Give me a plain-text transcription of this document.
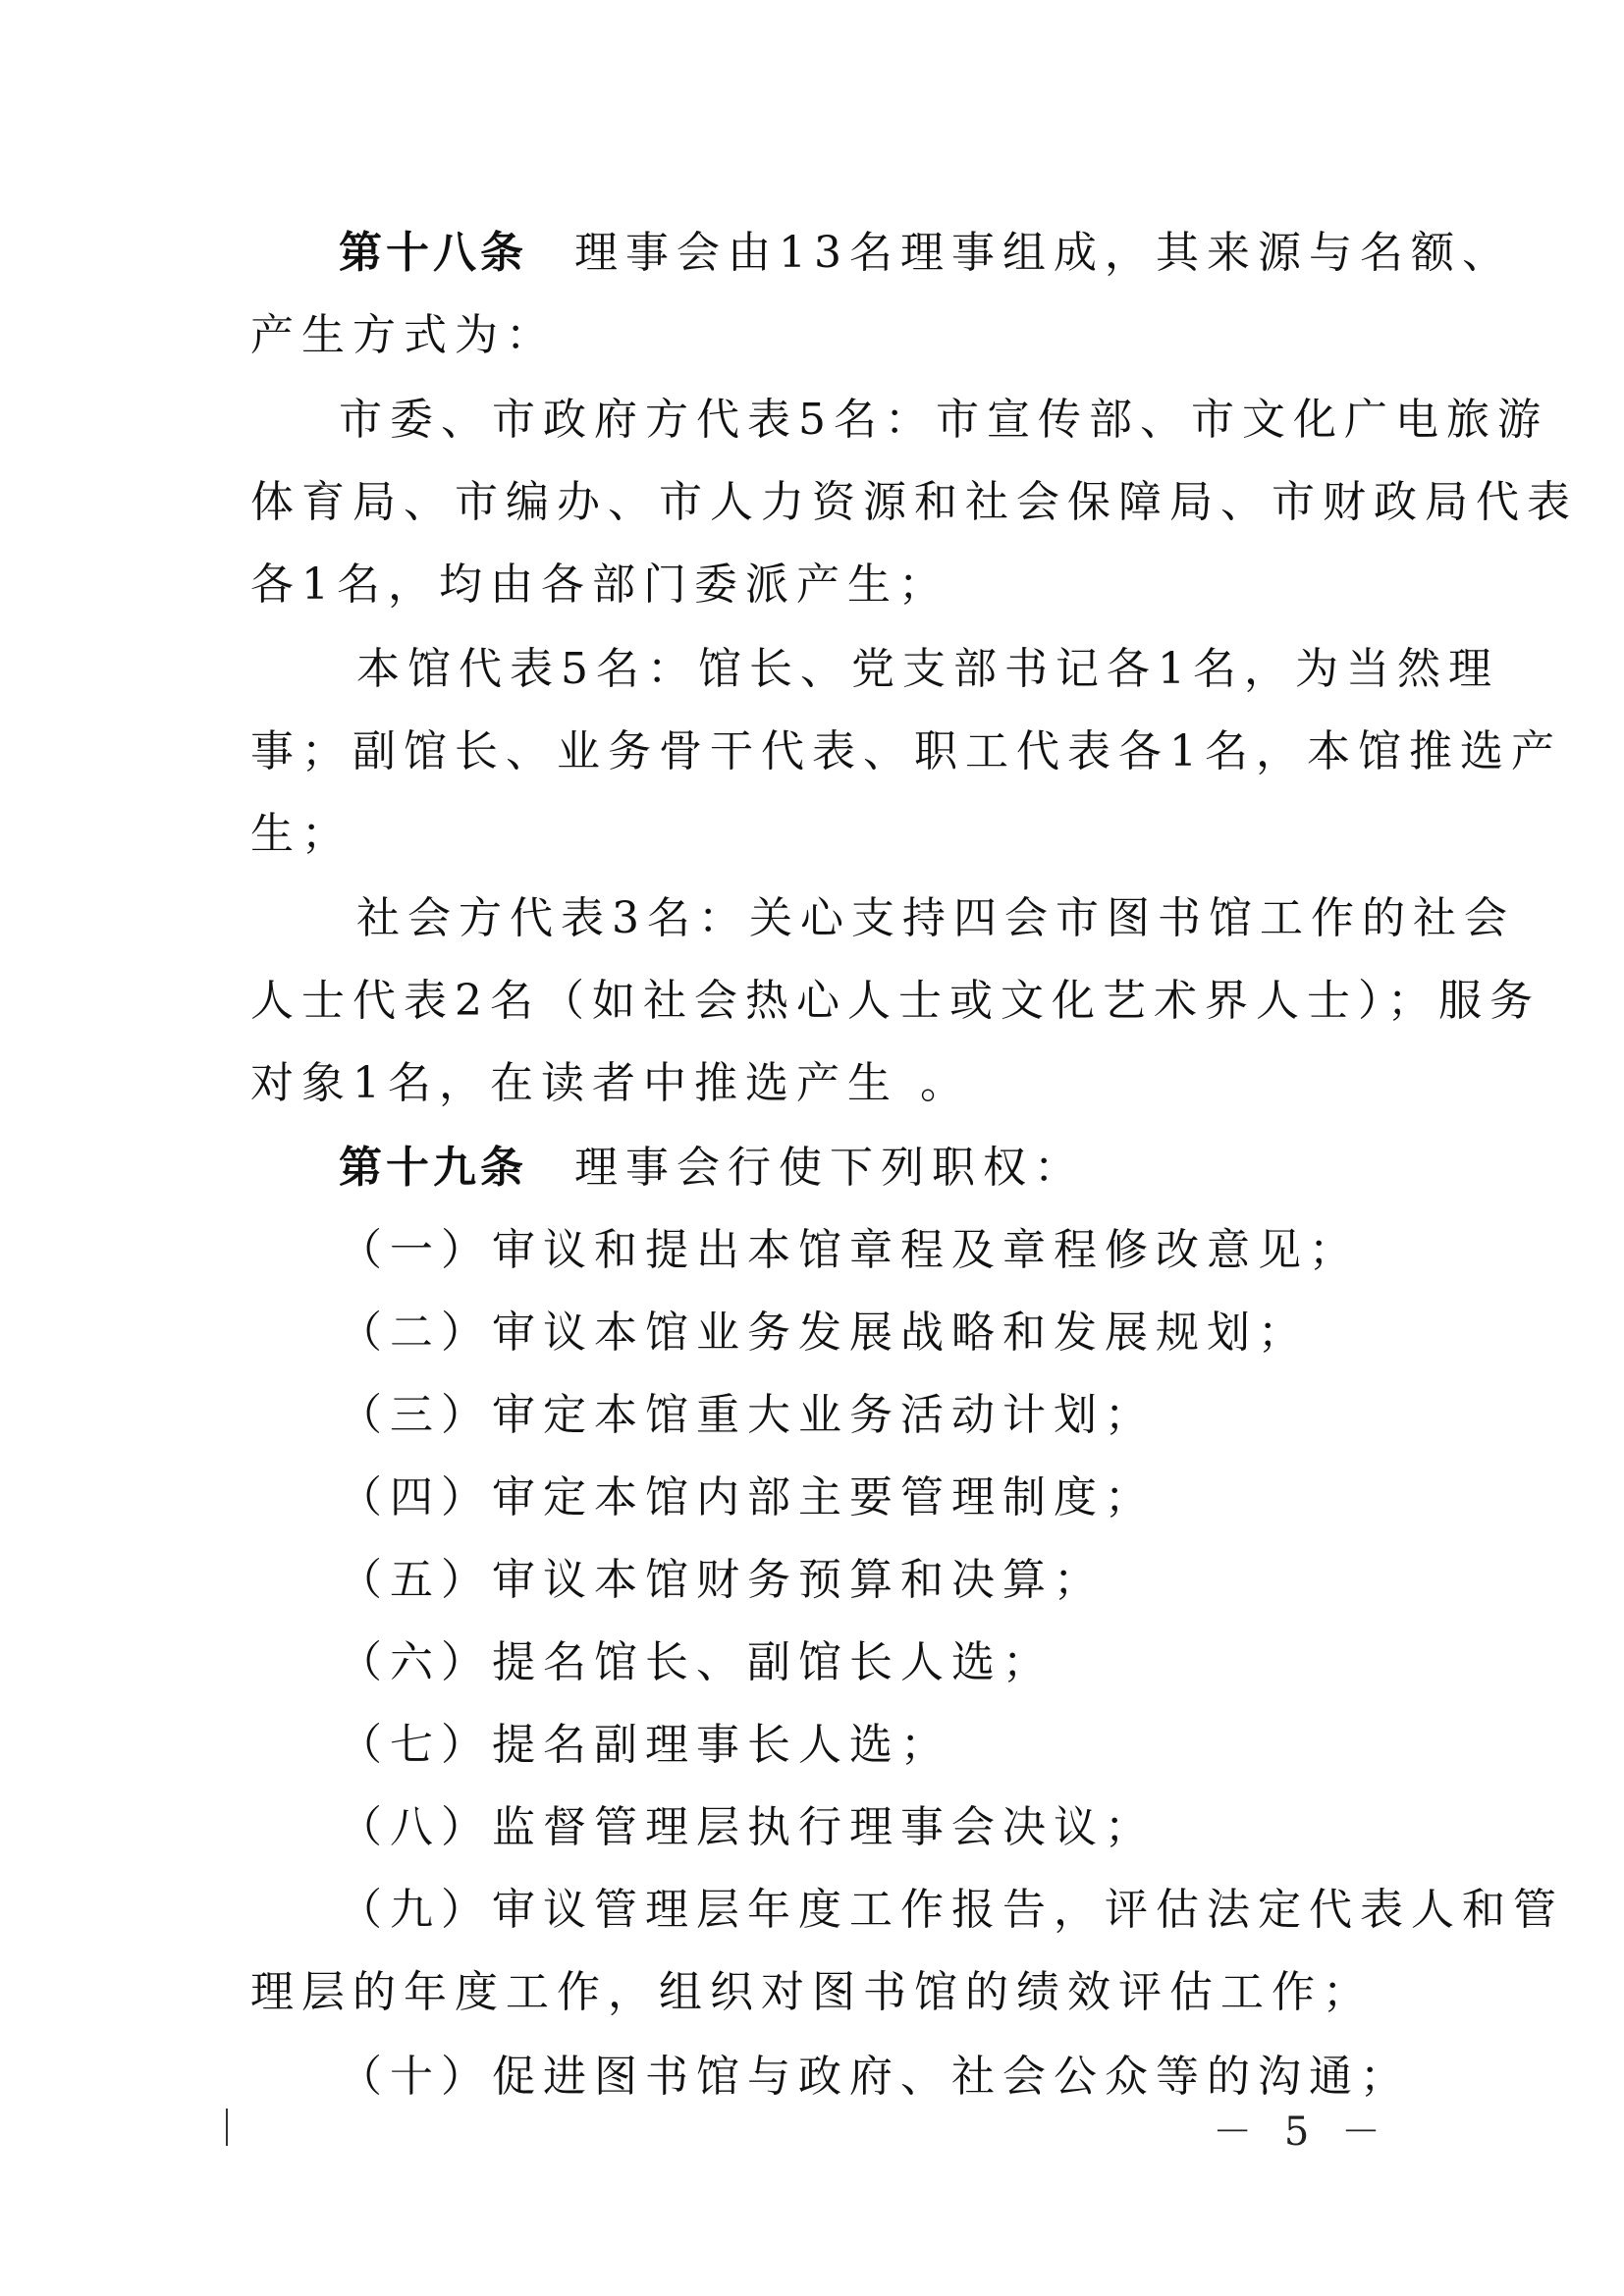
第十八条 理事会由13名理事组成，其来源与名额、
产生方式为：
市委、市政府方代表5名：市宣传部、市文化广电旅游
体育局、市编办、市人力资源和社会保障局、市财政局代表
各1名，均由各部门委派产生；
本馆代表5名：馆长、党支部书记各1名，为当然理
事；副馆长、业务骨干代表、职工代表各1名，本馆推选产
生；
社会方代表3名：关心支持四会市图书馆工作的社会
人士代表2名（如社会热心人士或文化艺术界人士）；服务
对象1名，在读者中推选产生 。
第十九条 理事会行使下列职权：
（一）审议和提出本馆章程及章程修改意见；
（二）审议本馆业务发展战略和发展规划；
（三）审定本馆重大业务活动计划；
（四）审定本馆内部主要管理制度；
（五）审议本馆财务预算和决算；
（六）提名馆长、副馆长人选；
（七）提名副理事长人选；
（八）监督管理层执行理事会决议；
（九）审议管理层年度工作报告，评估法定代表人和管
理层的年度工作，组织对图书馆的绩效评估工作；
（十）促进图书馆与政府、社会公众等的沟通；
－ 5 －
